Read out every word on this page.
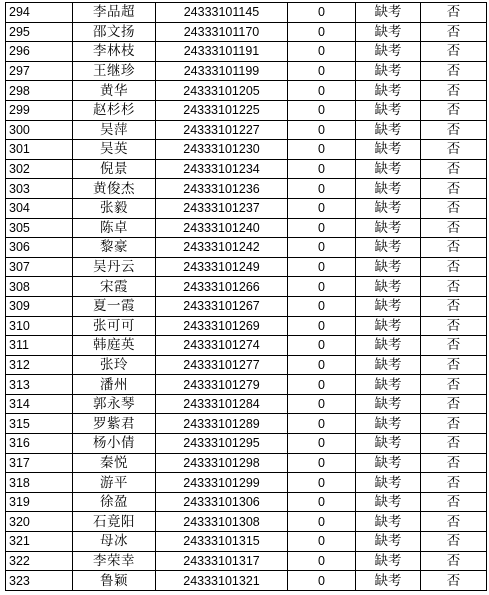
294	李品超	24333101145	0	缺考	否
295	邵文扬	24333101170	0	缺考	否
296	李林枝	24333101191	0	缺考	否
297	王继珍	24333101199	0	缺考	否
298	黄华	24333101205	0	缺考	否
299	赵杉杉	24333101225	0	缺考	否
300	吴萍	24333101227	0	缺考	否
301	吴英	24333101230	0	缺考	否
302	倪景	24333101234	0	缺考	否
303	黄俊杰	24333101236	0	缺考	否
304	张毅	24333101237	0	缺考	否
305	陈卓	24333101240	0	缺考	否
306	黎豪	24333101242	0	缺考	否
307	吴丹云	24333101249	0	缺考	否
308	宋霞	24333101266	0	缺考	否
309	夏一霞	24333101267	0	缺考	否
310	张可可	24333101269	0	缺考	否
311	韩庭英	24333101274	0	缺考	否
312	张玲	24333101277	0	缺考	否
313	潘州	24333101279	0	缺考	否
314	郭永琴	24333101284	0	缺考	否
315	罗紫君	24333101289	0	缺考	否
316	杨小倩	24333101295	0	缺考	否
317	秦悦	24333101298	0	缺考	否
318	游平	24333101299	0	缺考	否
319	徐盈	24333101306	0	缺考	否
320	石竟阳	24333101308	0	缺考	否
321	母冰	24333101315	0	缺考	否
322	李荣幸	24333101317	0	缺考	否
323	鲁颖	24333101321	0	缺考	否
